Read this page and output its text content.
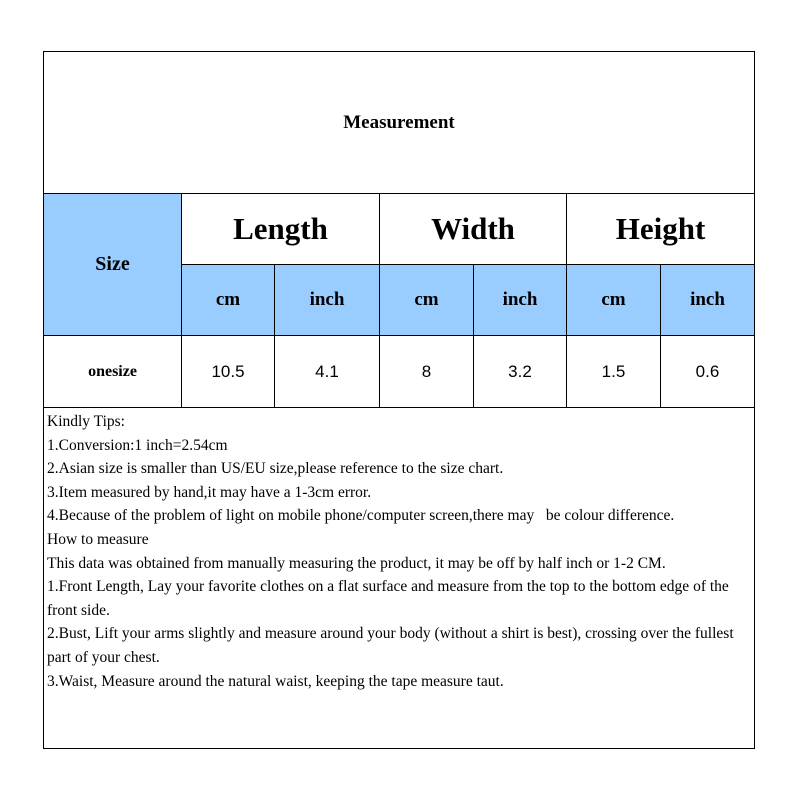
Measurement
Size
Length	Width	Height
cm	inch	cm	inch	cm	inch
onesize	10.5	4.1	8	3.2	1.5	0.6
Kindly Tips:
1.Conversion:1 inch=2.54cm
2.Asian size is smaller than US/EU size,please reference to the size chart.
3.Item measured by hand,it may have a 1-3cm error.
4.Because of the problem of light on mobile phone/computer screen,there may   be colour difference.
How to measure
This data was obtained from manually measuring the product, it may be off by half inch or 1-2 CM.
1.Front Length, Lay your favorite clothes on a flat surface and measure from the top to the bottom edge of the front side.
2.Bust, Lift your arms slightly and measure around your body (without a shirt is best), crossing over the fullest part of your chest.
3.Waist, Measure around the natural waist, keeping the tape measure taut.
